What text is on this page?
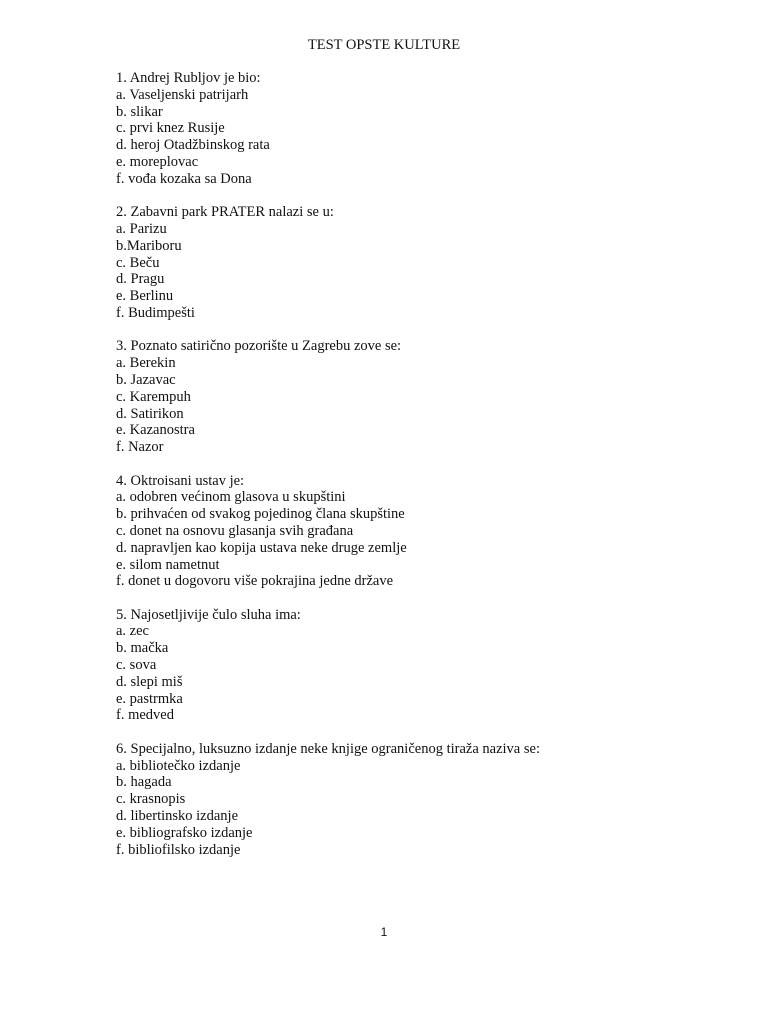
TEST OPSTE KULTURE
1. Andrej Rubljov je bio:
a. Vaseljenski patrijarh
b. slikar
c. prvi knez Rusije
d. heroj Otadžbinskog rata
e. moreplovac
f. vođa kozaka sa Dona
2. Zabavni park PRATER nalazi se u:
a. Parizu
b.Mariboru
c. Beču
d. Pragu
e. Berlinu
f. Budimpešti
3. Poznato satirično pozorište u Zagrebu zove se:
a. Berekin
b. Jazavac
c. Karempuh
d. Satirikon
e. Kazanostra
f. Nazor
4. Oktroisani ustav je:
a. odobren većinom glasova u skupštini
b. prihvaćen od svakog pojedinog člana skupštine
c. donet na osnovu glasanja svih građana
d. napravljen kao kopija ustava neke druge zemlje
e. silom nametnut
f. donet u dogovoru više pokrajina jedne države
5. Najosetljivije čulo sluha ima:
a. zec
b. mačka
c. sova
d. slepi miš
e. pastrmka
f. medved
6. Specijalno, luksuzno izdanje neke knjige ograničenog tiraža naziva se:
a. bibliotečko izdanje
b. hagada
c. krasnopis
d. libertinsko izdanje
e. bibliografsko izdanje
f. bibliofilsko izdanje
1
